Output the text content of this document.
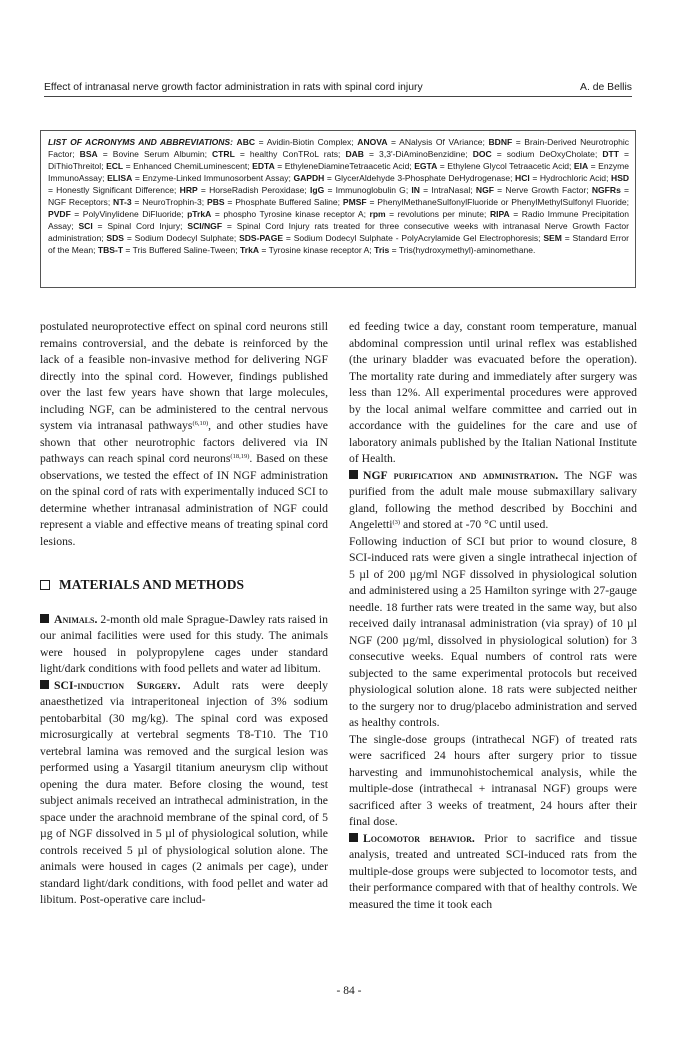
Effect of intranasal nerve growth factor administration in rats with spinal cord injury	A. de Bellis
LIST OF ACRONYMS AND ABBREVIATIONS: ABC = Avidin-Biotin Complex; ANOVA = ANalysis Of VAriance; BDNF = Brain-Derived Neurotrophic Factor; BSA = Bovine Serum Albumin; CTRL = healthy ConTRoL rats; DAB = 3,3'-DiAminoBenzidine; DOC = sodium DeOxyCholate; DTT = DiThioThreitol; ECL = Enhanced ChemiLuminescent; EDTA = EthyleneDiamineTetraacetic Acid; EGTA = Ethylene Glycol Tetraacetic Acid; EIA = Enzyme ImmunoAssay; ELISA = Enzyme-Linked Immunosorbent Assay; GAPDH = GlycerAldehyde 3-Phosphate DeHydrogenase; HCl = Hydrochloric Acid; HSD = Honestly Significant Difference; HRP = HorseRadish Peroxidase; IgG = Immunoglobulin G; IN = IntraNasal; NGF = Nerve Growth Factor; NGFRs = NGF Receptors; NT-3 = NeuroTrophin-3; PBS = Phosphate Buffered Saline; PMSF = PhenylMethaneSulfonylFluoride or PhenylMethylSulfonyl Fluoride; PVDF = PolyVinylidene DiFluoride; pTrkA = phospho Tyrosine kinase receptor A; rpm = revolutions per minute; RIPA = Radio Immune Precipitation Assay; SCI = Spinal Cord Injury; SCI/NGF = Spinal Cord Injury rats treated for three consecutive weeks with intranasal Nerve Growth Factor administration; SDS = Sodium Dodecyl Sulphate; SDS-PAGE = Sodium Dodecyl Sulphate - PolyAcrylamide Gel Electrophoresis; SEM = Standard Error of the Mean; TBS-T = Tris Buffered Saline-Tween; TrkA = Tyrosine kinase receptor A; Tris = Tris(hydroxymethyl)-aminomethane.

postulated neuroprotective effect on spinal cord neurons still remains controversial, and the debate is reinforced by the lack of a feasible non-invasive method for delivering NGF directly into the spinal cord. However, findings published over the last few years have shown that large molecules, including NGF, can be administered to the central nervous system via intranasal pathways$^{(6,10)}$, and other studies have shown that other neurotrophic factors delivered via IN pathways can reach spinal cord neurons$^{(18,19)}$. Based on these observations, we tested the effect of IN NGF administration on the spinal cord of rats with experimentally induced SCI to determine whether intranasal administration of NGF could represent a viable and effective means of treating spinal cord lesions.

MATERIALS AND METHODS

Animals. 2-month old male Sprague-Dawley rats raised in our animal facilities were used for this study. The animals were housed in polypropylene cages under standard light/dark conditions with food pellets and water ad libitum.

SCI-induction Surgery. Adult rats were deeply anaesthetized via intraperitoneal injection of 3% sodium pentobarbital (30 mg/kg). The spinal cord was exposed microsurgically at vertebral segments T8-T10. The T10 vertebral lamina was removed and the surgical lesion was performed using a Yasargil titanium aneurysm clip without opening the dura mater. Before closing the wound, test subject animals received an intrathecal administration, in the space under the arachnoid membrane of the spinal cord, of 5 µg of NGF dissolved in 5 µl of physiological solution, while controls received 5 µl of physiological solution alone. The animals were housed in cages (2 animals per cage), under standard light/dark conditions, with food pellet and water ad libitum. Post-operative care includ-

ed feeding twice a day, constant room temperature, manual abdominal compression until urinal reflex was established (the urinary bladder was evacuated before the operation). The mortality rate during and immediately after surgery was less than 12%. All experimental procedures were approved by the local animal welfare committee and carried out in accordance with the guidelines for the care and use of laboratory animals published by the Italian National Institute of Health.

NGF purification and administration. The NGF was purified from the adult male mouse submaxillary salivary gland, following the method described by Bocchini and Angeletti$^{(3)}$ and stored at -70 °C until used.

Following induction of SCI but prior to wound closure, 8 SCI-induced rats were given a single intrathecal injection of 5 µl of 200 µg/ml NGF dissolved in physiological solution and administered using a 25 Hamilton syringe with 27-gauge needle. 18 further rats were treated in the same way, but also received daily intranasal administration (via spray) of 10 µl NGF (200 µg/ml, dissolved in physiological solution) for 3 consecutive weeks. Equal numbers of control rats were subjected to the same experimental protocols but received physiological solution alone. 18 rats were subjected neither to the surgery nor to drug/placebo administration and served as healthy controls.

The single-dose groups (intrathecal NGF) of treated rats were sacrificed 24 hours after surgery prior to tissue harvesting and immunohistochemical analysis, while the multiple-dose (intrathecal + intranasal NGF) groups were sacrificed after 3 weeks of treatment, 24 hours after their final dose.

Locomotor behavior. Prior to sacrifice and tissue analysis, treated and untreated SCI-induced rats from the multiple-dose groups were subjected to locomotor tests, and their performance compared with that of healthy controls. We measured the time it took each

- 84 -
